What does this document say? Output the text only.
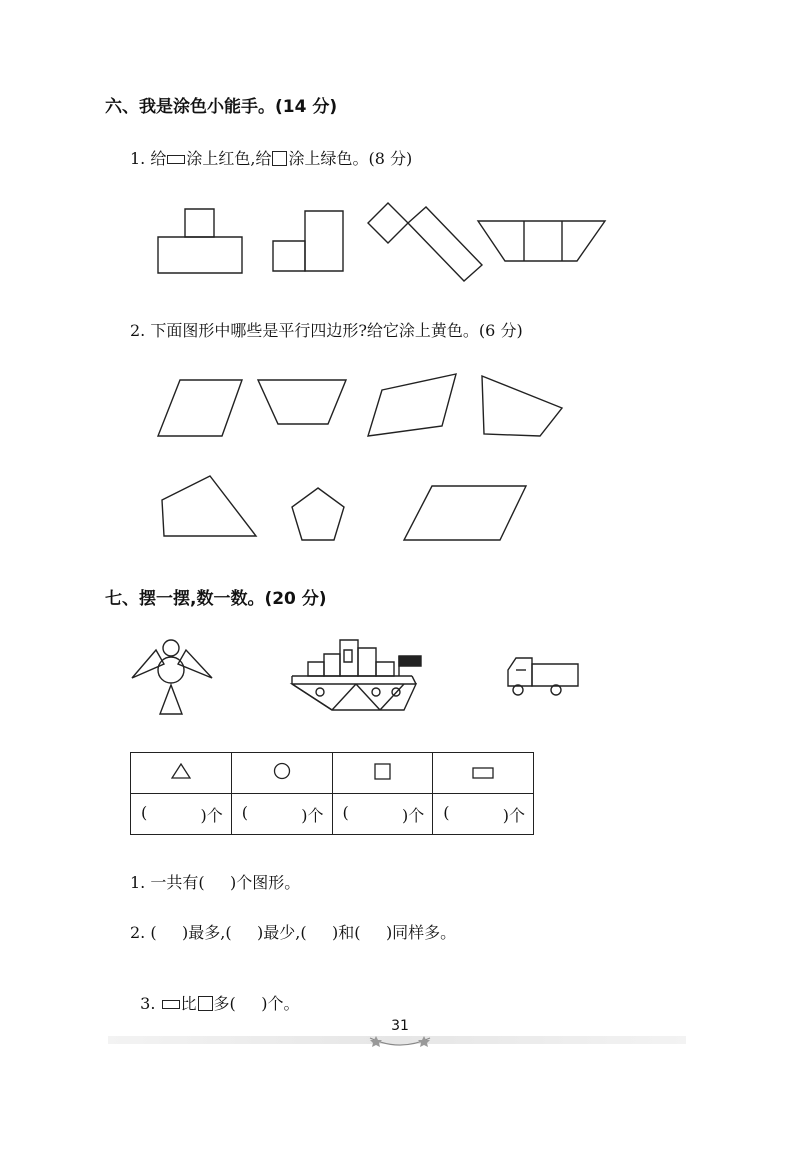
六、我是涂色小能手。(14 分)
1. 给 涂上红色,给 涂上绿色。(8 分)
2. 下面图形中哪些是平行四边形?给它涂上黄色。(6 分)
七、摆一摆,数一数。(20 分)

( )个	( )个	( )个	( )个
1. 一共有(     )个图形。
2. (     )最多,(     )最少,(     )和(     )同样多。

3. 比 多(     )个。

31
